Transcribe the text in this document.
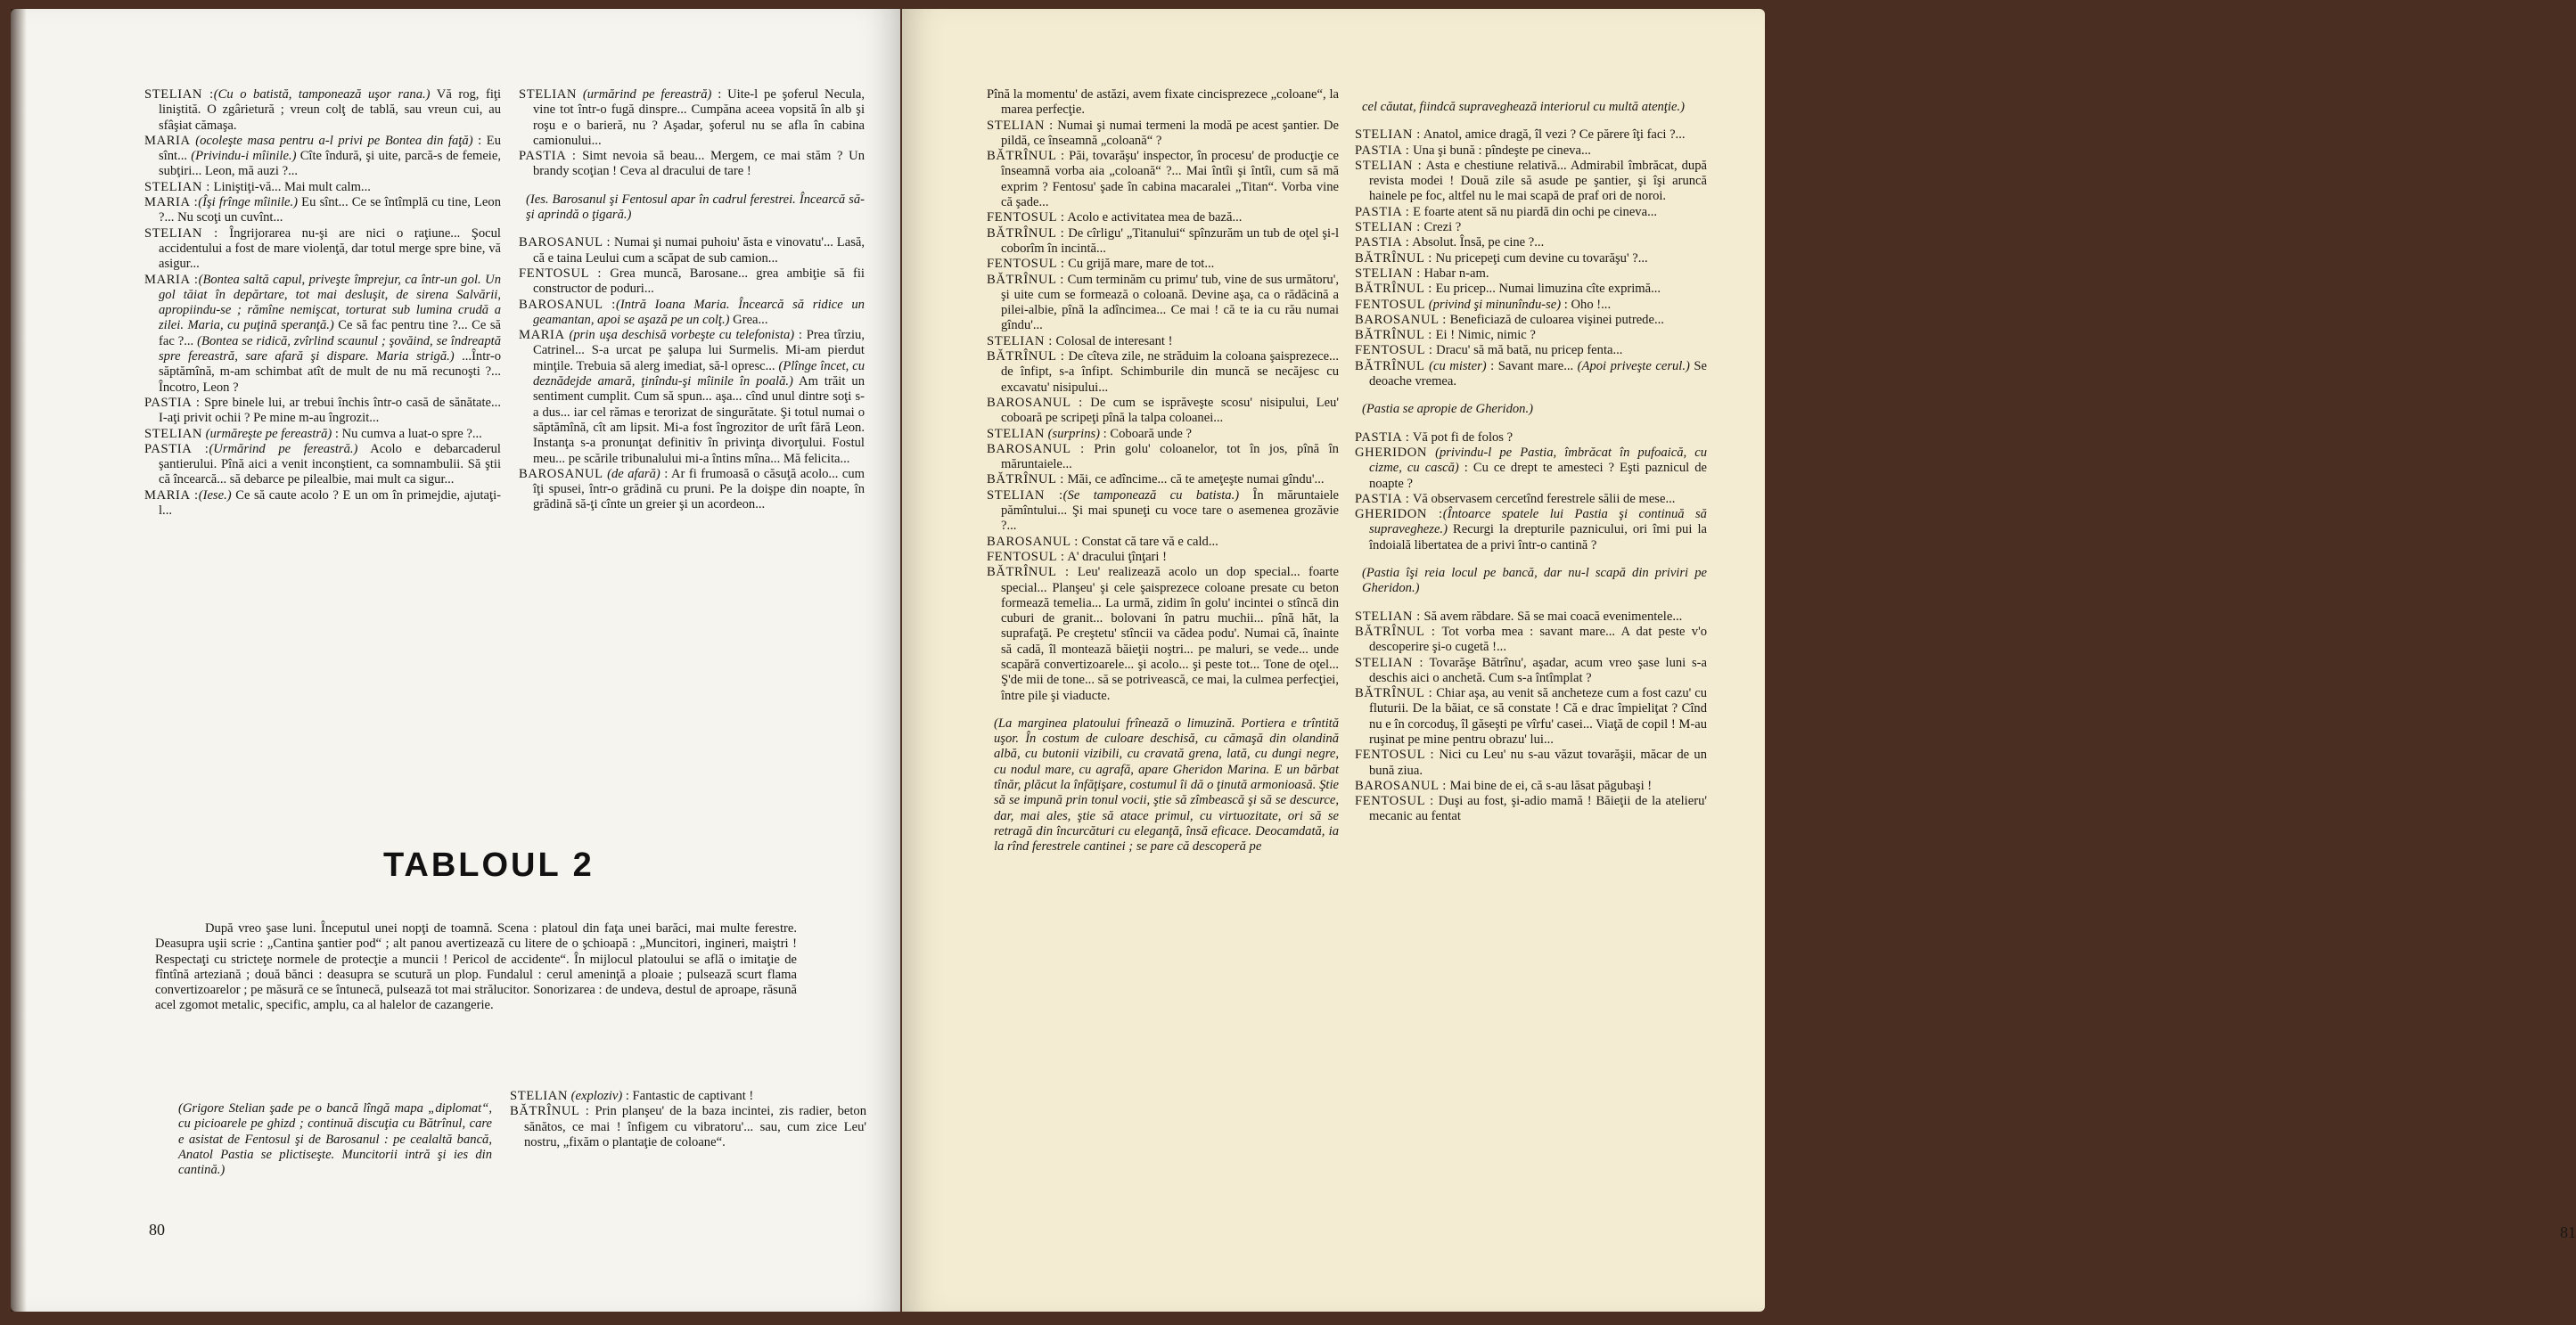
STELIAN :(Cu o batistă, tamponează uşor rana.) Vă rog, fiţi liniştită. O zgârietură ; vreun colţ de tablă, sau vreun cui, au sfâşiat cămaşa.

MARIA (ocoleşte masa pentru a-l privi pe Bontea din faţă) : Eu sînt... (Privindu-i mîinile.) Cîte îndură, şi uite, parcă-s de femeie, subţiri... Leon, mă auzi ?...

STELIAN : Liniştiţi-vă... Mai mult calm...

MARIA :(Îşi frînge mîinile.) Eu sînt... Ce se întîmplă cu tine, Leon ?... Nu scoţi un cuvînt...

STELIAN : Îngrijorarea nu-şi are nici o raţiune... Şocul accidentului a fost de mare violenţă, dar totul merge spre bine, vă asigur...

MARIA :(Bontea saltă capul, priveşte împrejur, ca într-un gol. Un gol tăiat în depărtare, tot mai desluşit, de sirena Salvării, apropiindu-se ; rămîne nemişcat, torturat sub lumina crudă a zilei. Maria, cu puţină speranţă.) Ce să fac pentru tine ?... Ce să fac ?... (Bontea se ridică, zvîrlind scaunul ; şovăind, se îndreaptă spre fereastră, sare afară şi dispare. Maria strigă.) ...Într-o săptămînă, m-am schimbat atît de mult de nu mă recunoşti ?... Încotro, Leon ?

PASTIA : Spre binele lui, ar trebui închis într-o casă de sănătate... I-aţi privit ochii ? Pe mine m-au îngrozit...

STELIAN (urmăreşte pe fereastră) : Nu cumva a luat-o spre ?...

PASTIA :(Urmărind pe fereastră.) Acolo e debarcaderul şantierului. Pînă aici a venit inconştient, ca somnambulii. Să ştii că încearcă... să debarce pe pilealbie, mai mult ca sigur...

MARIA :(Iese.) Ce să caute acolo ? E un om în primejdie, ajutaţi-l...

STELIAN (urmărind pe fereastră) : Uite-l pe şoferul Necula, vine tot într-o fugă dinspre... Cumpăna aceea vopsită în alb şi roşu e o barieră, nu ? Aşadar, şoferul nu se afla în cabina camionului...

PASTIA : Simt nevoia să beau... Mergem, ce mai stăm ? Un brandy scoţian ! Ceva al dracului de tare !

(Ies. Barosanul şi Fentosul apar în cadrul ferestrei. Încearcă să-şi aprindă o ţigară.)

BAROSANUL : Numai şi numai puhoiu' ăsta e vinovatu'... Lasă, că e taina Leului cum a scăpat de sub camion...

FENTOSUL : Grea muncă, Barosane... grea ambiţie să fii constructor de poduri...

BAROSANUL :(Intră Ioana Maria. Încearcă să ridice un geamantan, apoi se aşază pe un colţ.) Grea...

MARIA (prin uşa deschisă vorbeşte cu telefonista) : Prea tîrziu, Catrinel... S-a urcat pe şalupa lui Surmelis. Mi-am pierdut minţile. Trebuia să alerg imediat, să-l opresc... (Plînge încet, cu deznădejde amară, ţinîndu-şi mîinile în poală.) Am trăit un sentiment cumplit. Cum să spun... aşa... cînd unul dintre soţi s-a dus... iar cel rămas e terorizat de singurătate. Şi totul numai o săptămînă, cît am lipsit. Mi-a fost îngrozitor de urît fără Leon. Instanţa s-a pronunţat definitiv în privinţa divorţului. Fostul meu... pe scările tribunalului mi-a întins mîna... Mă felicita...

BAROSANUL (de afară) : Ar fi frumoasă o căsuţă acolo... cum îţi spusei, într-o grădină cu pruni. Pe la doişpe din noapte, în grădină să-ţi cînte un greier şi un acordeon...

TABLOUL 2

După vreo şase luni. Începutul unei nopţi de toamnă. Scena : platoul din faţa unei barăci, mai multe ferestre. Deasupra uşii scrie : „Cantina şantier pod“ ; alt panou avertizează cu litere de o şchioapă : „Muncitori, ingineri, maiştri ! Respectaţi cu stricteţe normele de protecţie a muncii ! Pericol de accidente“. În mijlocul platoului se află o imitaţie de fîntînă arteziană ; două bănci : deasupra se scutură un plop. Fundalul : cerul ameninţă a ploaie ; pulsează scurt flama convertizoarelor ; pe măsură ce se întunecă, pulsează tot mai strălucitor. Sonorizarea : de undeva, destul de aproape, răsună acel zgomot metalic, specific, amplu, ca al halelor de cazangerie.

(Grigore Stelian şade pe o bancă lîngă mapa „diplomat“, cu picioarele pe ghizd ; continuă discuţia cu Bătrînul, care e asistat de Fentosul şi de Barosanul : pe cealaltă bancă, Anatol Pastia se plictiseşte. Muncitorii intră şi ies din cantină.)

STELIAN (exploziv) : Fantastic de captivant !

BĂTRÎNUL : Prin planşeu' de la baza incintei, zis radier, beton sănătos, ce mai ! înfigem cu vibratoru'... sau, cum zice Leu' nostru, „fixăm o plantaţie de coloane“.

80

Pînă la momentu' de astăzi, avem fixate cincisprezece „coloane“, la marea perfecţie.

STELIAN : Numai şi numai termeni la modă pe acest şantier. De pildă, ce înseamnă „coloană“ ?

BĂTRÎNUL : Păi, tovarăşu' inspector, în procesu' de producţie ce înseamnă vorba aia „coloană“ ?... Mai întîi şi întîi, cum să mă exprim ? Fentosu' şade în cabina macaralei „Titan“. Vorba vine că şade...

FENTOSUL : Acolo e activitatea mea de bază...

BĂTRÎNUL : De cîrligu' „Titanului“ spînzurăm un tub de oţel şi-l coborîm în incintă...

FENTOSUL : Cu grijă mare, mare de tot...

BĂTRÎNUL : Cum terminăm cu primu' tub, vine de sus următoru', şi uite cum se formează o coloană. Devine aşa, ca o rădăcină a pilei-albie, pînă la adîncimea... Ce mai ! că te ia cu rău numai gîndu'...

STELIAN : Colosal de interesant !

BĂTRÎNUL : De cîteva zile, ne străduim la coloana şaisprezece... de înfipt, s-a înfipt. Schimburile din muncă se necăjesc cu excavatu' nisipului...

BAROSANUL : De cum se isprăveşte scosu' nisipului, Leu' coboară pe scripeţi pînă la talpa coloanei...

STELIAN (surprins) : Coboară unde ?

BAROSANUL : Prin golu' coloanelor, tot în jos, pînă în măruntaiele...

BĂTRÎNUL : Măi, ce adîncime... că te ameţeşte numai gîndu'...

STELIAN :(Se tamponează cu batista.) În măruntaiele pămîntului... Şi mai spuneţi cu voce tare o asemenea grozăvie ?...

BAROSANUL : Constat că tare vă e cald...

FENTOSUL : A' dracului ţînţari !

BĂTRÎNUL : Leu' realizează acolo un dop special... foarte special... Planşeu' şi cele şaisprezece coloane presate cu beton formează temelia... La urmă, zidim în golu' incintei o stîncă din cuburi de granit... bolovani în patru muchii... pînă hăt, la suprafaţă. Pe creştetu' stîncii va cădea podu'. Numai că, înainte să cadă, îl montează băieţii noştri... pe maluri, se vede... unde scapără convertizoarele... şi acolo... şi peste tot... Tone de oţel... Ş'de mii de tone... să se potrivească, ce mai, la culmea perfecţiei, între pile şi viaducte.

(La marginea platoului frînează o limuzină. Portiera e trîntită uşor. În costum de culoare deschisă, cu cămaşă din olandină albă, cu butonii vizibili, cu cravată grena, lată, cu dungi negre, cu nodul mare, cu agrafă, apare Gheridon Marina. E un bărbat tînăr, plăcut la înfăţişare, costumul îi dă o ţinută armonioasă. Ştie să se impună prin tonul vocii, ştie să zîmbească şi să se descurce, dar, mai ales, ştie să atace primul, cu virtuozitate, ori să se retragă din încurcături cu eleganţă, însă eficace. Deocamdată, ia la rînd ferestrele cantinei ; se pare că descoperă pe

cel căutat, fiindcă supraveghează interiorul cu multă atenţie.)

STELIAN : Anatol, amice dragă, îl vezi ? Ce părere îţi faci ?...

PASTIA : Una şi bună : pîndeşte pe cineva...

STELIAN : Asta e chestiune relativă... Admirabil îmbrăcat, după revista modei ! Două zile să asude pe şantier, şi îşi aruncă hainele pe foc, altfel nu le mai scapă de praf ori de noroi.

PASTIA : E foarte atent să nu piardă din ochi pe cineva...

STELIAN : Crezi ?

PASTIA : Absolut. Însă, pe cine ?...

BĂTRÎNUL : Nu pricepeţi cum devine cu tovarăşu' ?...

STELIAN : Habar n-am.

BĂTRÎNUL : Eu pricep... Numai limuzina cîte exprimă...

FENTOSUL (privind şi minunîndu-se) : Oho !...

BAROSANUL : Beneficiază de culoarea vişinei putrede...

BĂTRÎNUL : Ei ! Nimic, nimic ?

FENTOSUL : Dracu' să mă bată, nu pricep fenta...

BĂTRÎNUL (cu mister) : Savant mare... (Apoi priveşte cerul.) Se deoache vremea.

(Pastia se apropie de Gheridon.)

PASTIA : Vă pot fi de folos ?

GHERIDON (privindu-l pe Pastia, îmbrăcat în pufoaică, cu cizme, cu cască) : Cu ce drept te amesteci ? Eşti paznicul de noapte ?

PASTIA : Vă observasem cercetînd ferestrele sălii de mese...

GHERIDON :(Întoarce spatele lui Pastia şi continuă să supravegheze.) Recurgi la drepturile paznicului, ori îmi pui la îndoială libertatea de a privi într-o cantină ?

(Pastia îşi reia locul pe bancă, dar nu-l scapă din priviri pe Gheridon.)

STELIAN : Să avem răbdare. Să se mai coacă evenimentele...

BĂTRÎNUL : Tot vorba mea : savant mare... A dat peste v'o descoperire şi-o cugetă !...

STELIAN : Tovarăşe Bătrînu', aşadar, acum vreo şase luni s-a deschis aici o anchetă. Cum s-a întîmplat ?

BĂTRÎNUL : Chiar aşa, au venit să ancheteze cum a fost cazu' cu fluturii. De la băiat, ce să constate ! Că e drac împieliţat ? Cînd nu e în corcoduş, îl găseşti pe vîrfu' casei... Viaţă de copil ! M-au ruşinat pe mine pentru obrazu' lui...

FENTOSUL : Nici cu Leu' nu s-au văzut tovarăşii, măcar de un bună ziua.

BAROSANUL : Mai bine de ei, că s-au lăsat păgubaşi !

FENTOSUL : Duşi au fost, şi-adio mamă ! Băieţii de la atelieru' mecanic au fentat

81
